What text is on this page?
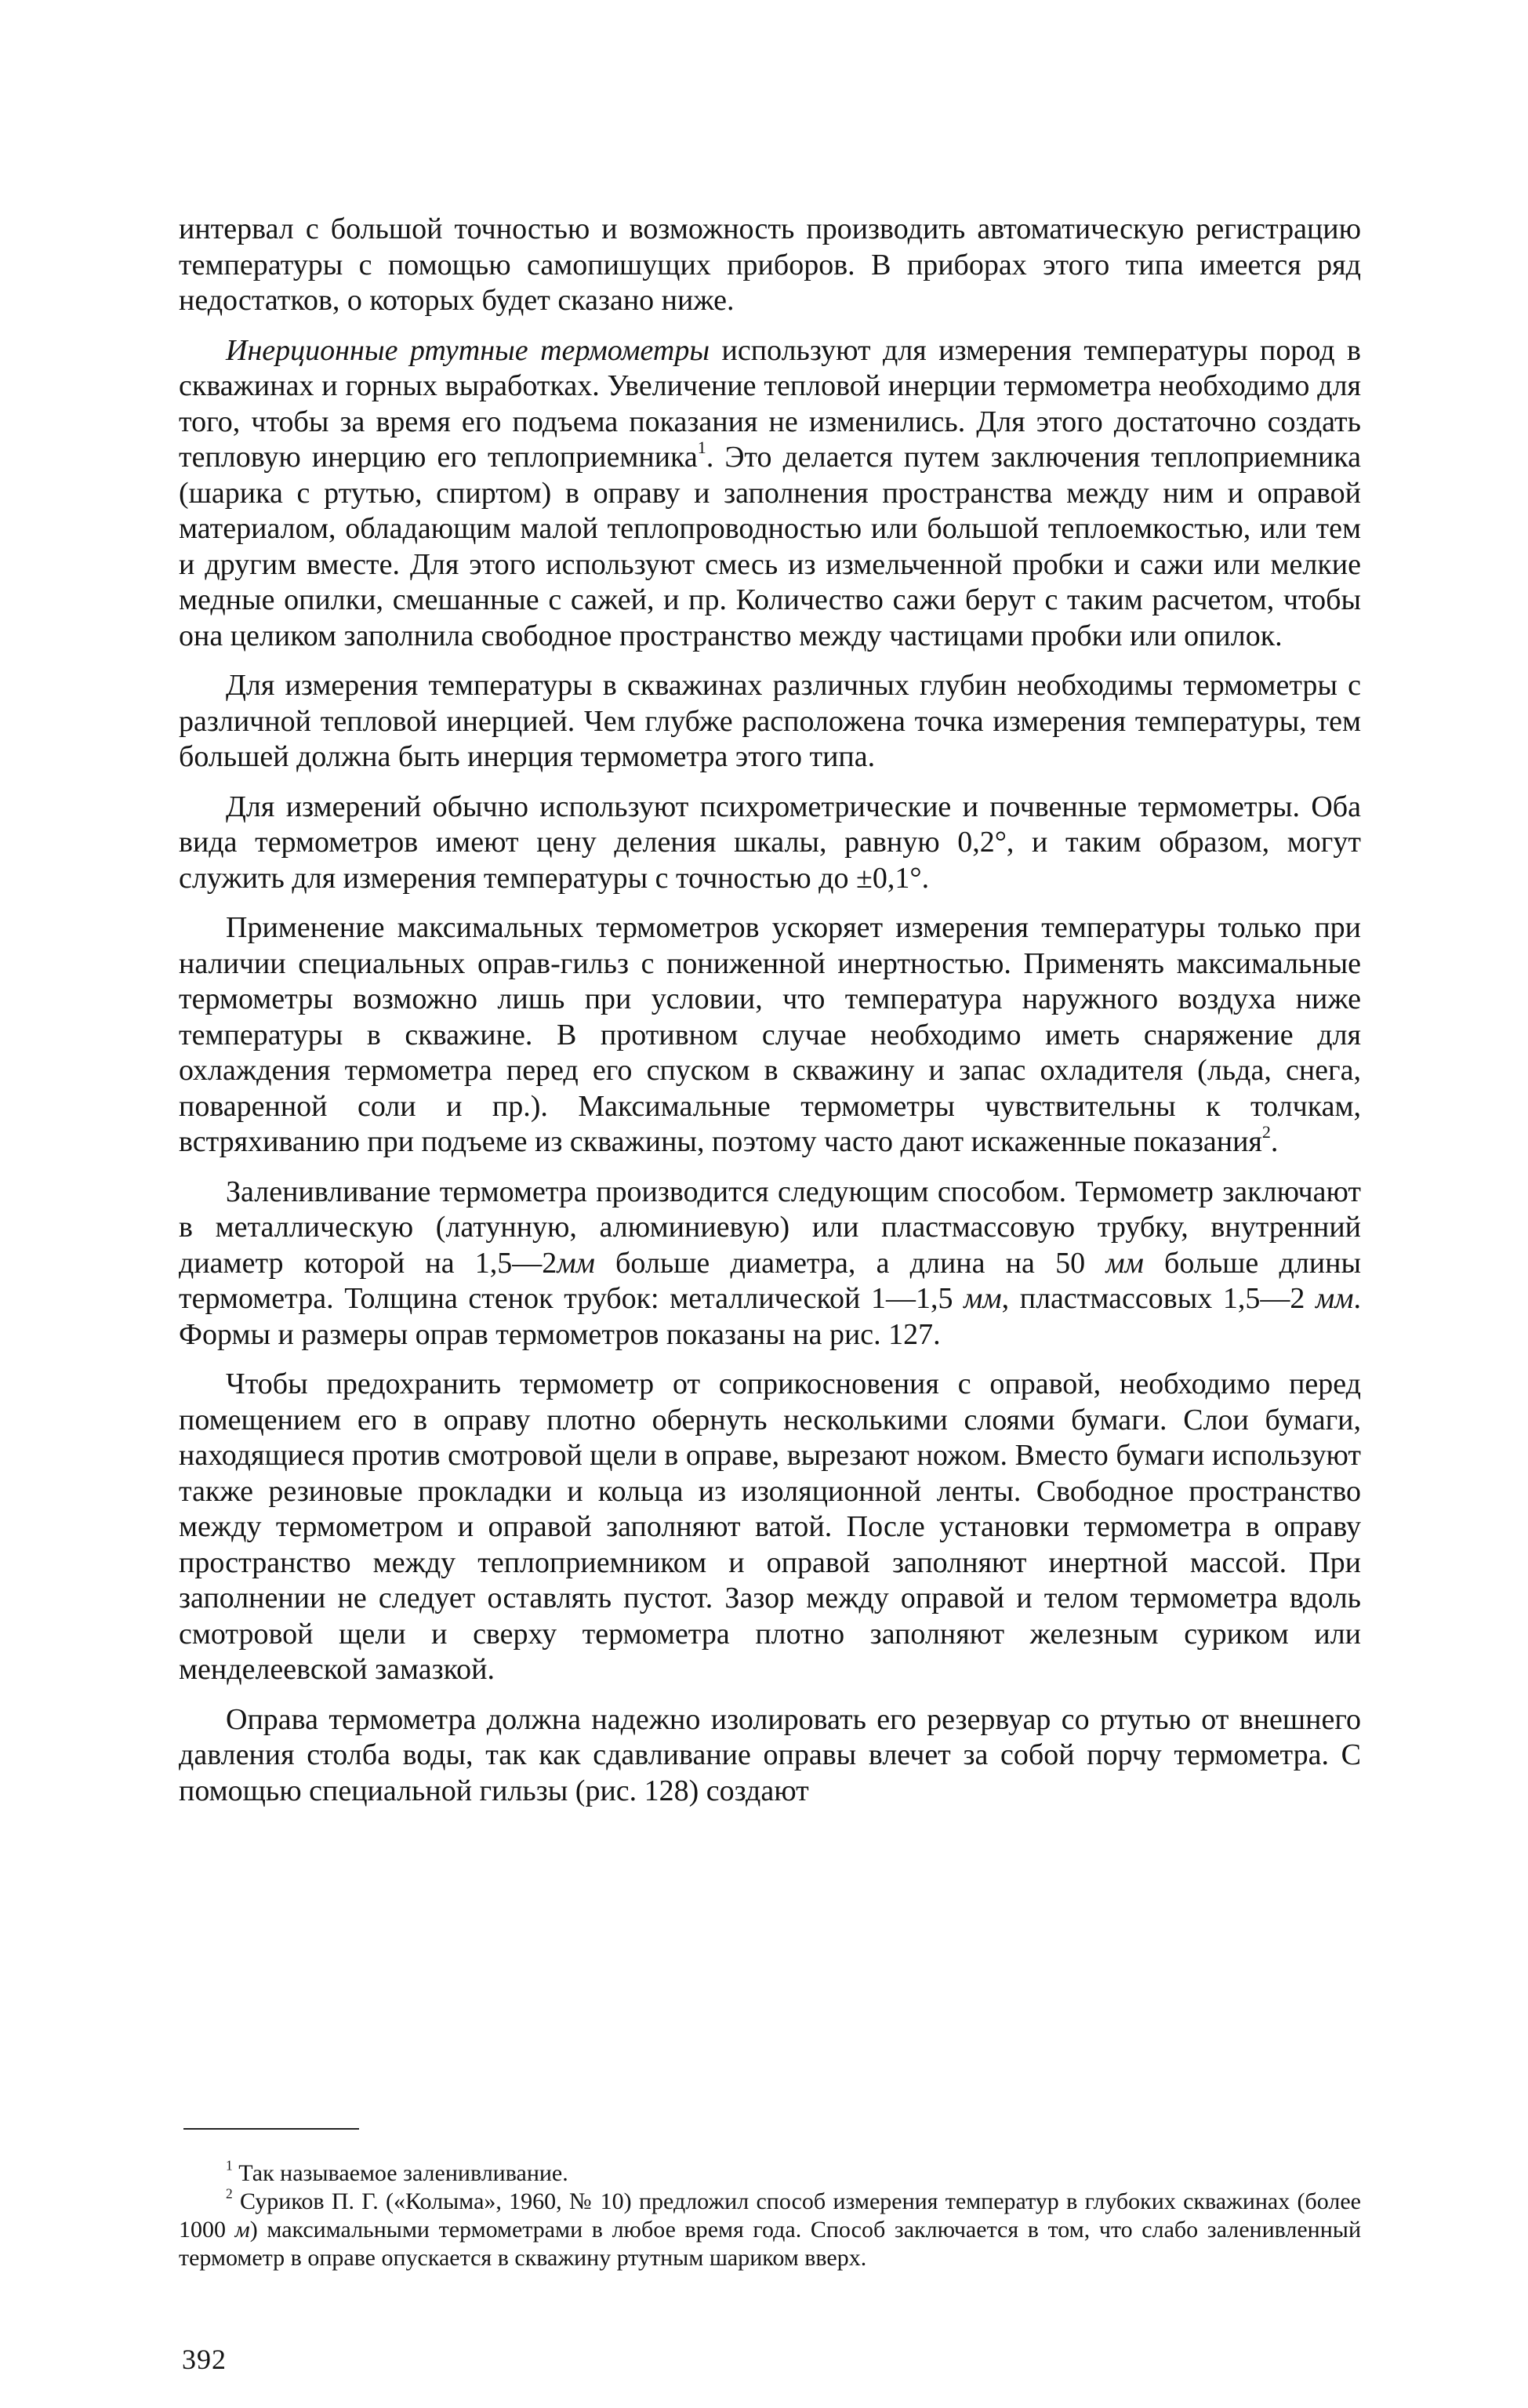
интервал с большой точностью и возможность производить автоматическую регистрацию температуры с помощью самопишущих приборов. В приборах этого типа имеется ряд недостатков, о которых будет сказано ниже.

Инерционные ртутные термометры используют для измерения температуры пород в скважинах и горных выработках. Увеличение тепловой инерции термометра необходимо для того, чтобы за время его подъема показания не изменились. Для этого достаточно создать тепловую инерцию его теплоприемника$^1$. Это делается путем заключения теплоприемника (шарика с ртутью, спиртом) в оправу и заполнения пространства между ним и оправой материалом, обладающим малой теплопроводностью или большой теплоемкостью, или тем и другим вместе. Для этого используют смесь из измельченной пробки и сажи или мелкие медные опилки, смешанные с сажей, и пр. Количество сажи берут с таким расчетом, чтобы она целиком заполнила свободное пространство между частицами пробки или опилок.

Для измерения температуры в скважинах различных глубин необходимы термометры с различной тепловой инерцией. Чем глубже расположена точка измерения температуры, тем большей должна быть инерция термометра этого типа.

Для измерений обычно используют психрометрические и почвенные термометры. Оба вида термометров имеют цену деления шкалы, равную 0,2°, и таким образом, могут служить для измерения температуры с точностью до ±0,1°.

Применение максимальных термометров ускоряет измерения температуры только при наличии специальных оправ-гильз с пониженной инертностью. Применять максимальные термометры возможно лишь при условии, что температура наружного воздуха ниже температуры в скважине. В противном случае необходимо иметь снаряжение для охлаждения термометра перед его спуском в скважину и запас охладителя (льда, снега, поваренной соли и пр.). Максимальные термометры чувствительны к толчкам, встряхиванию при подъеме из скважины, поэтому часто дают искаженные показания$^2$.

Заленивливание термометра производится следующим способом. Термометр заключают в металлическую (латунную, алюминиевую) или пластмассовую трубку, внутренний диаметр которой на 1,5—2мм больше диаметра, а длина на 50 мм больше длины термометра. Толщина стенок трубок: металлической 1—1,5 мм, пластмассовых 1,5—2 мм. Формы и размеры оправ термометров показаны на рис. 127.

Чтобы предохранить термометр от соприкосновения с оправой, необходимо перед помещением его в оправу плотно обернуть несколькими слоями бумаги. Слои бумаги, находящиеся против смотровой щели в оправе, вырезают ножом. Вместо бумаги используют также резиновые прокладки и кольца из изоляционной ленты. Свободное пространство между термометром и оправой заполняют ватой. После установки термометра в оправу пространство между теплоприемником и оправой заполняют инертной массой. При заполнении не следует оставлять пустот. Зазор между оправой и телом термометра вдоль смотровой щели и сверху термометра плотно заполняют железным суриком или менделеевской замазкой.

Оправа термометра должна надежно изолировать его резервуар со ртутью от внешнего давления столба воды, так как сдавливание оправы влечет за собой порчу термометра. С помощью специальной гильзы (рис. 128) создают

$^1$ Так называемое заленивливание.

$^2$ Суриков П. Г. («Колыма», 1960, № 10) предложил способ измерения температур в глубоких скважинах (более 1000 м) максимальными термометрами в любое время года. Способ заключается в том, что слабо заленивленный термометр в оправе опускается в скважину ртутным шариком вверх.

392
